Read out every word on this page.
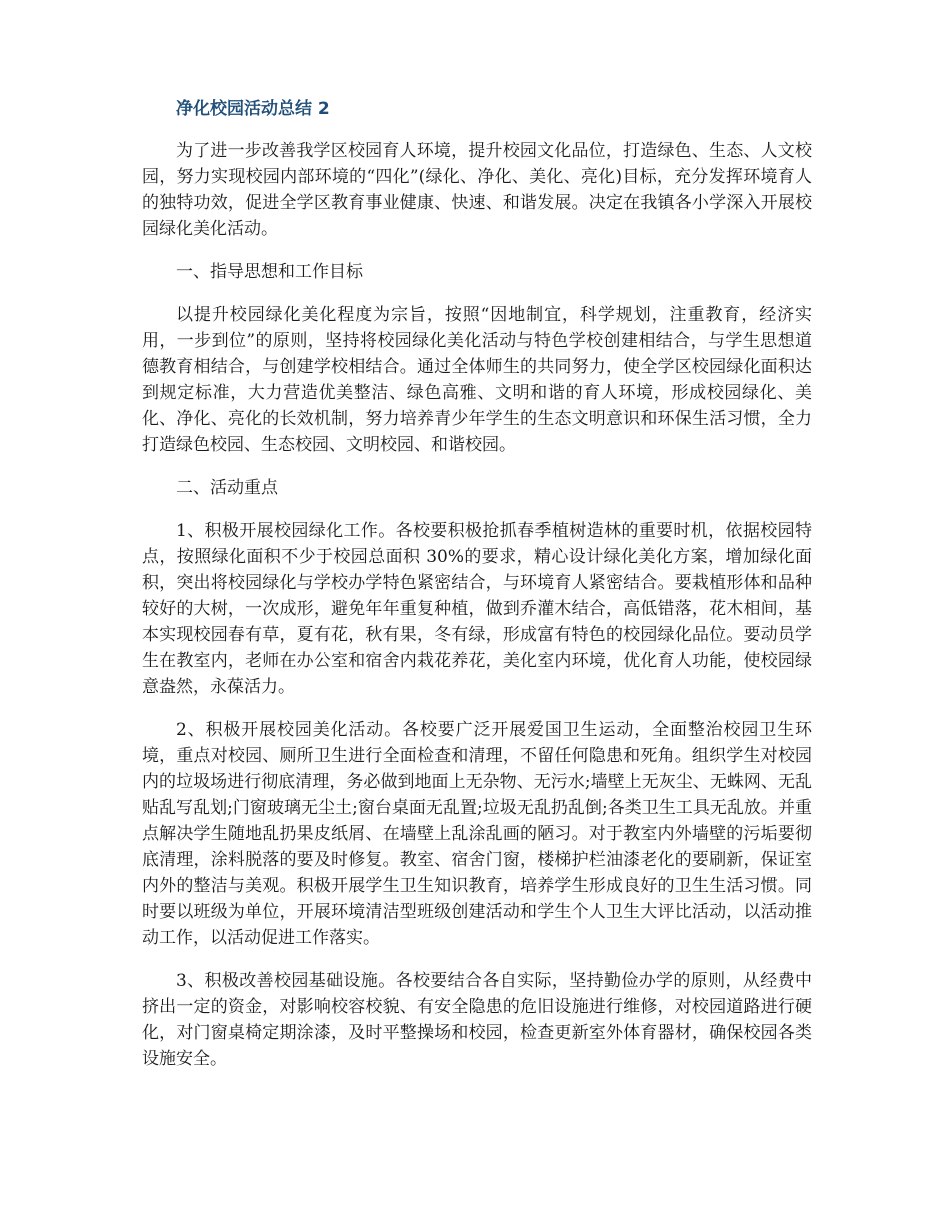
净化校园活动总结 2

为了进一步改善我学区校园育人环境，提升校园文化品位，打造绿色、生态、人文校园，努力实现校园内部环境的“四化”(绿化、净化、美化、亮化)目标，充分发挥环境育人的独特功效，促进全学区教育事业健康、快速、和谐发展。决定在我镇各小学深入开展校园绿化美化活动。

一、指导思想和工作目标

以提升校园绿化美化程度为宗旨，按照“因地制宜，科学规划，注重教育，经济实用，一步到位”的原则，坚持将校园绿化美化活动与特色学校创建相结合，与学生思想道德教育相结合，与创建学校相结合。通过全体师生的共同努力，使全学区校园绿化面积达到规定标准，大力营造优美整洁、绿色高雅、文明和谐的育人环境，形成校园绿化、美化、净化、亮化的长效机制，努力培养青少年学生的生态文明意识和环保生活习惯，全力打造绿色校园、生态校园、文明校园、和谐校园。

二、活动重点

1、积极开展校园绿化工作。各校要积极抢抓春季植树造林的重要时机，依据校园特点，按照绿化面积不少于校园总面积 30%的要求，精心设计绿化美化方案，增加绿化面积，突出将校园绿化与学校办学特色紧密结合，与环境育人紧密结合。要栽植形体和品种较好的大树，一次成形，避免年年重复种植，做到乔灌木结合，高低错落，花木相间，基本实现校园春有草，夏有花，秋有果，冬有绿，形成富有特色的校园绿化品位。要动员学生在教室内，老师在办公室和宿舍内栽花养花，美化室内环境，优化育人功能，使校园绿意盎然，永葆活力。

2、积极开展校园美化活动。各校要广泛开展爱国卫生运动，全面整治校园卫生环境，重点对校园、厕所卫生进行全面检查和清理，不留任何隐患和死角。组织学生对校园内的垃圾场进行彻底清理，务必做到地面上无杂物、无污水;墙壁上无灰尘、无蛛网、无乱贴乱写乱划;门窗玻璃无尘土;窗台桌面无乱置;垃圾无乱扔乱倒;各类卫生工具无乱放。并重点解决学生随地乱扔果皮纸屑、在墙壁上乱涂乱画的陋习。对于教室内外墙壁的污垢要彻底清理，涂料脱落的要及时修复。教室、宿舍门窗，楼梯护栏油漆老化的要刷新，保证室内外的整洁与美观。积极开展学生卫生知识教育，培养学生形成良好的卫生生活习惯。同时要以班级为单位，开展环境清洁型班级创建活动和学生个人卫生大评比活动，以活动推动工作，以活动促进工作落实。

3、积极改善校园基础设施。各校要结合各自实际，坚持勤俭办学的原则，从经费中挤出一定的资金，对影响校容校貌、有安全隐患的危旧设施进行维修，对校园道路进行硬化，对门窗桌椅定期涂漆，及时平整操场和校园，检查更新室外体育器材，确保校园各类设施安全。
